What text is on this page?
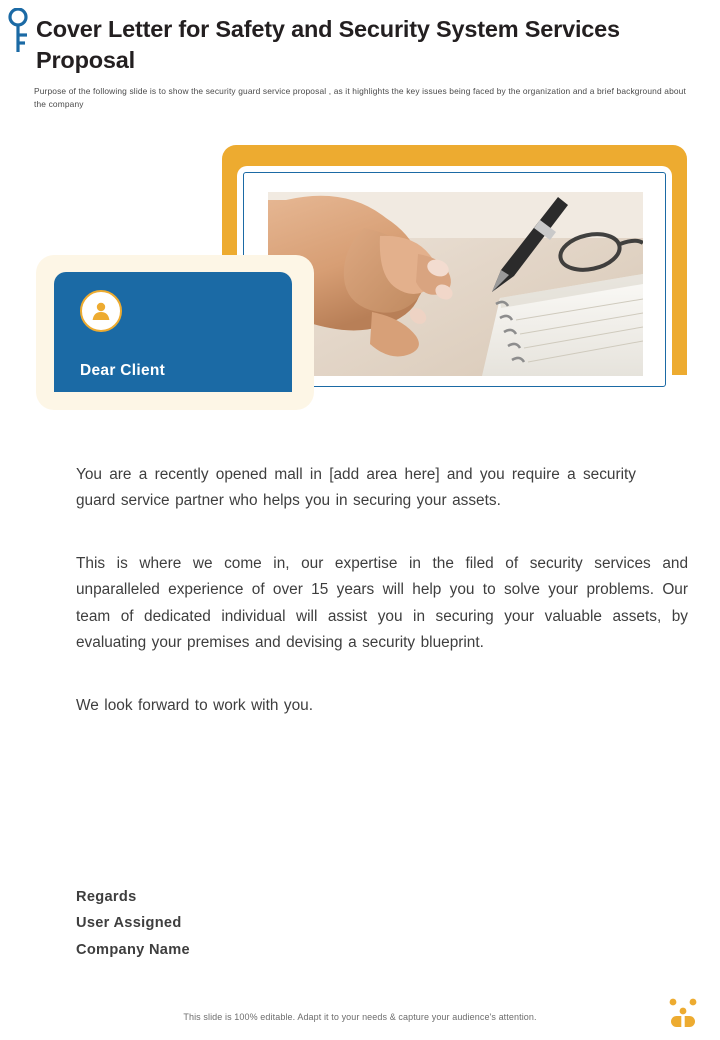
Cover Letter for Safety and Security System Services Proposal
Purpose of the following slide is to show the security guard service proposal , as it highlights the key issues being faced by the organization and a brief background about the company
Dear Client

You are a recently opened mall in [add area here] and you require a security guard service partner who helps you in securing your assets.

This is where we come in, our expertise in the filed of security services and unparalleled experience of over 15 years will help you to solve your problems. Our team of dedicated individual will assist you in securing your valuable assets, by evaluating your premises and devising a security blueprint.

We look forward to work with you.

Regards
User Assigned
Company Name
This slide is 100% editable. Adapt it to your needs & capture your audience's attention.
